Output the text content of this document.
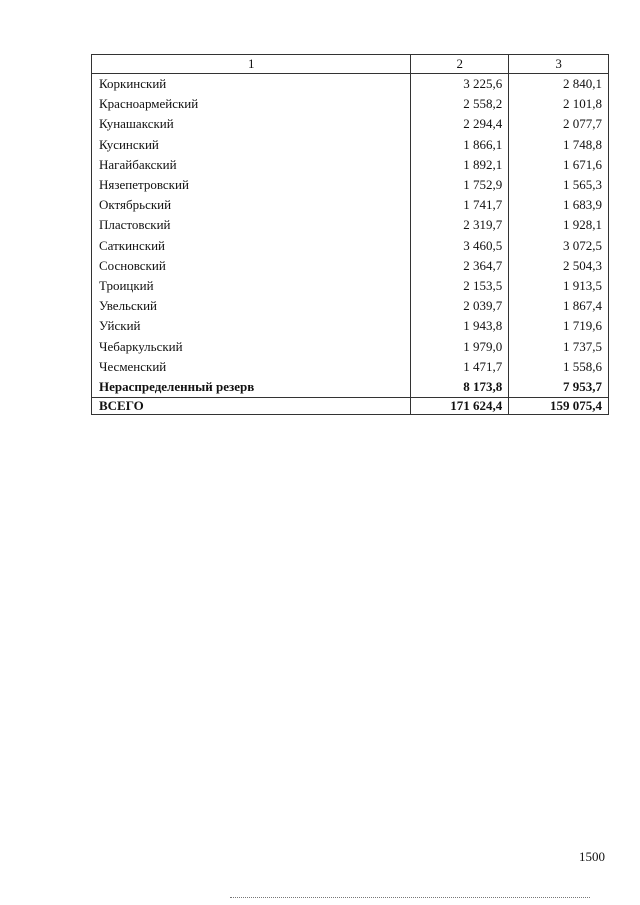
1	2	3
Коркинский	3 225,6	2 840,1
Красноармейский	2 558,2	2 101,8
Кунашакский	2 294,4	2 077,7
Кусинский	1 866,1	1 748,8
Нагайбакский	1 892,1	1 671,6
Нязепетровский	1 752,9	1 565,3
Октябрьский	1 741,7	1 683,9
Пластовский	2 319,7	1 928,1
Саткинский	3 460,5	3 072,5
Сосновский	2 364,7	2 504,3
Троицкий	2 153,5	1 913,5
Увельский	2 039,7	1 867,4
Уйский	1 943,8	1 719,6
Чебаркульский	1 979,0	1 737,5
Чесменский	1 471,7	1 558,6
Нераспределенный резерв	8 173,8	7 953,7
ВСЕГО	171 624,4	159 075,4
1500
